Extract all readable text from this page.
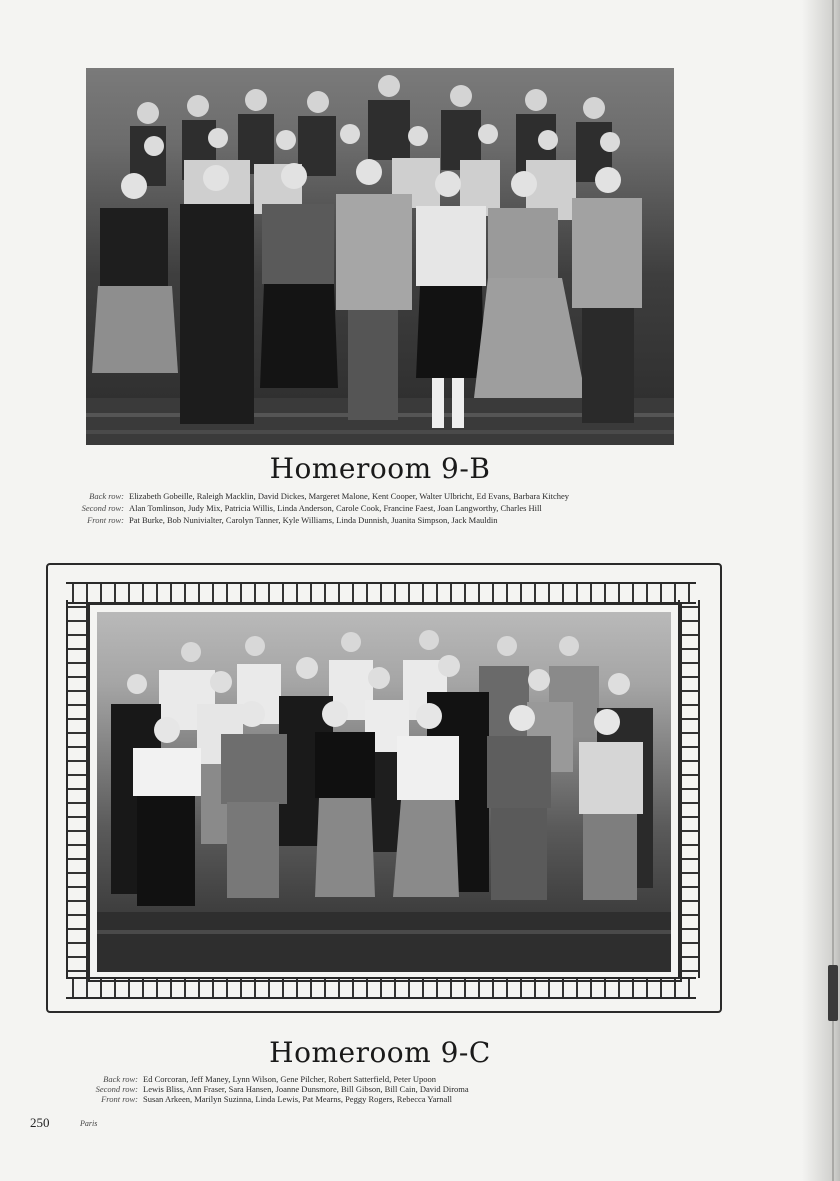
Homeroom 9-B
Back row: Elizabeth Gobeille, Raleigh Macklin, David Dickes, Margeret Malone, Kent Cooper, Walter Ulbricht, Ed Evans, Barbara Kitchey
Second row: Alan Tomlinson, Judy Mix, Patricia Willis, Linda Anderson, Carole Cook, Francine Faest, Joan Langworthy, Charles Hill
Front row: Pat Burke, Bob Nunivialter, Carolyn Tanner, Kyle Williams, Linda Dunnish, Juanita Simpson, Jack Mauldin
Homeroom 9-C
Back row: Ed Corcoran, Jeff Maney, Lynn Wilson, Gene Pilcher, Robert Satterfield, Peter Upoon
Second row: Lewis Bliss, Ann Fraser, Sara Hansen, Joanne Dunsmore, Bill Gibson, Bill Cain, David Diroma
Front row: Susan Arkeen, Marilyn Suzinna, Linda Lewis, Pat Mearns, Peggy Rogers, Rebecca Yarnall
250	Paris
